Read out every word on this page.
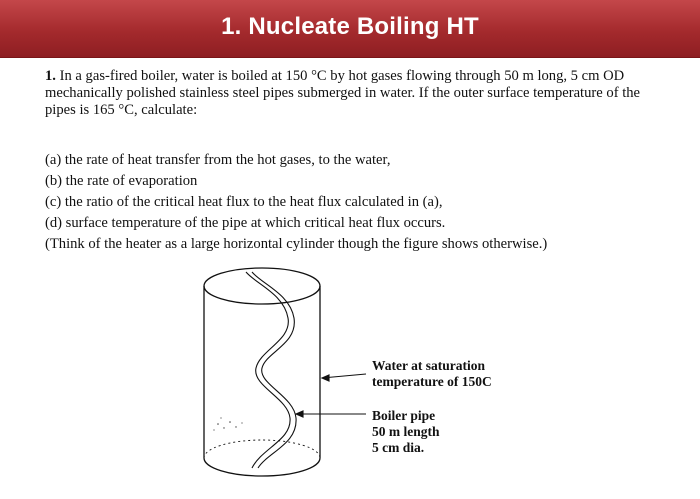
1. Nucleate Boiling HT
1. In a gas-fired boiler, water is boiled at 150 °C by hot gases flowing through 50 m long, 5 cm OD mechanically polished stainless steel pipes submerged in water. If the outer surface temperature of the pipes is 165 °C, calculate:
(a) the rate of heat transfer from the hot gases, to the water,
(b) the rate of evaporation
(c) the ratio of the critical heat flux to the heat flux calculated in (a),
(d) surface temperature of the pipe at which critical heat flux occurs.
(Think of the heater as a large horizontal cylinder though the figure shows otherwise.)
Water at saturation
temperature of 150C
Boiler pipe
50 m length
5 cm dia.
